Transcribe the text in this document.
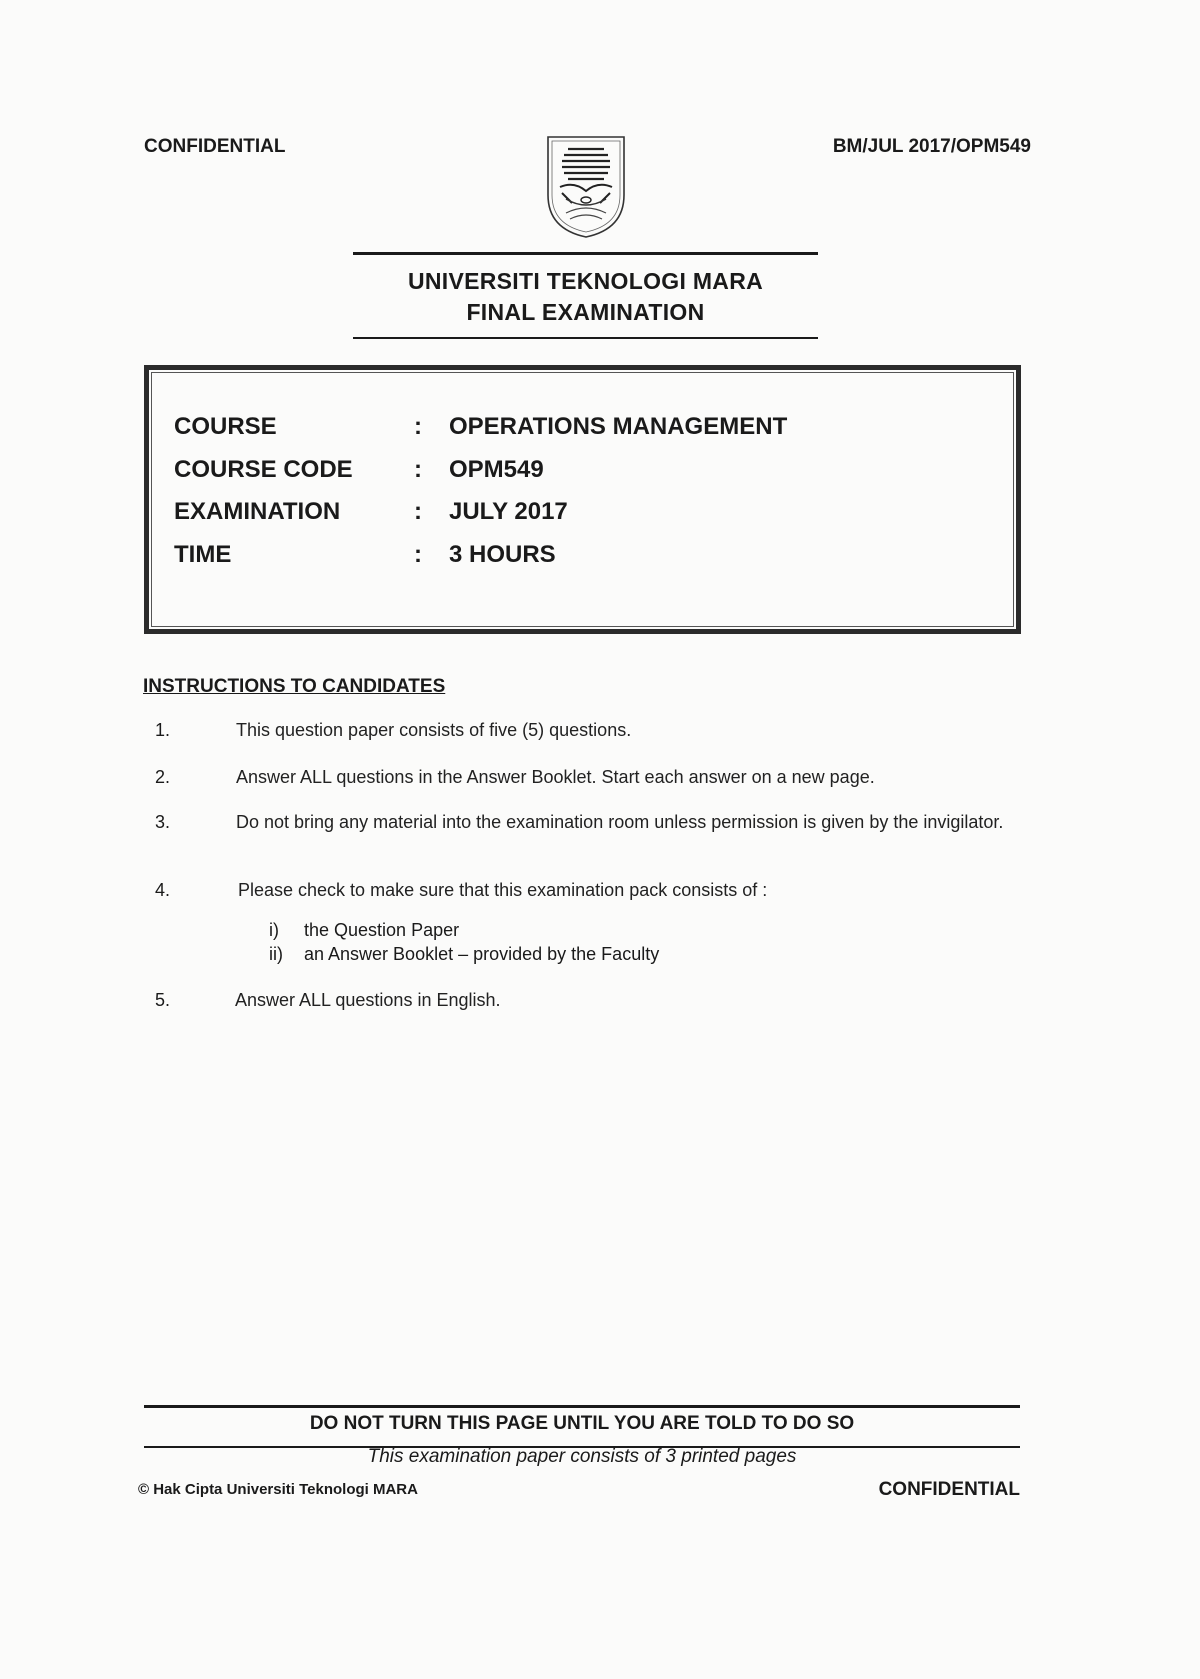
CONFIDENTIAL	BM/JUL 2017/OPM549
UNIVERSITI TEKNOLOGI MARA
FINAL EXAMINATION
COURSE	: OPERATIONS MANAGEMENT
COURSE CODE	: OPM549
EXAMINATION	: JULY 2017
TIME	: 3 HOURS
INSTRUCTIONS TO CANDIDATES
1.	This question paper consists of five (5) questions.
2.	Answer ALL questions in the Answer Booklet. Start each answer on a new page.
3.	Do not bring any material into the examination room unless permission is given by the invigilator.
4.	Please check to make sure that this examination pack consists of :
i) the Question Paper
ii) an Answer Booklet – provided by the Faculty
5.	Answer ALL questions in English.
DO NOT TURN THIS PAGE UNTIL YOU ARE TOLD TO DO SO
This examination paper consists of 3 printed pages
© Hak Cipta Universiti Teknologi MARA	CONFIDENTIAL
